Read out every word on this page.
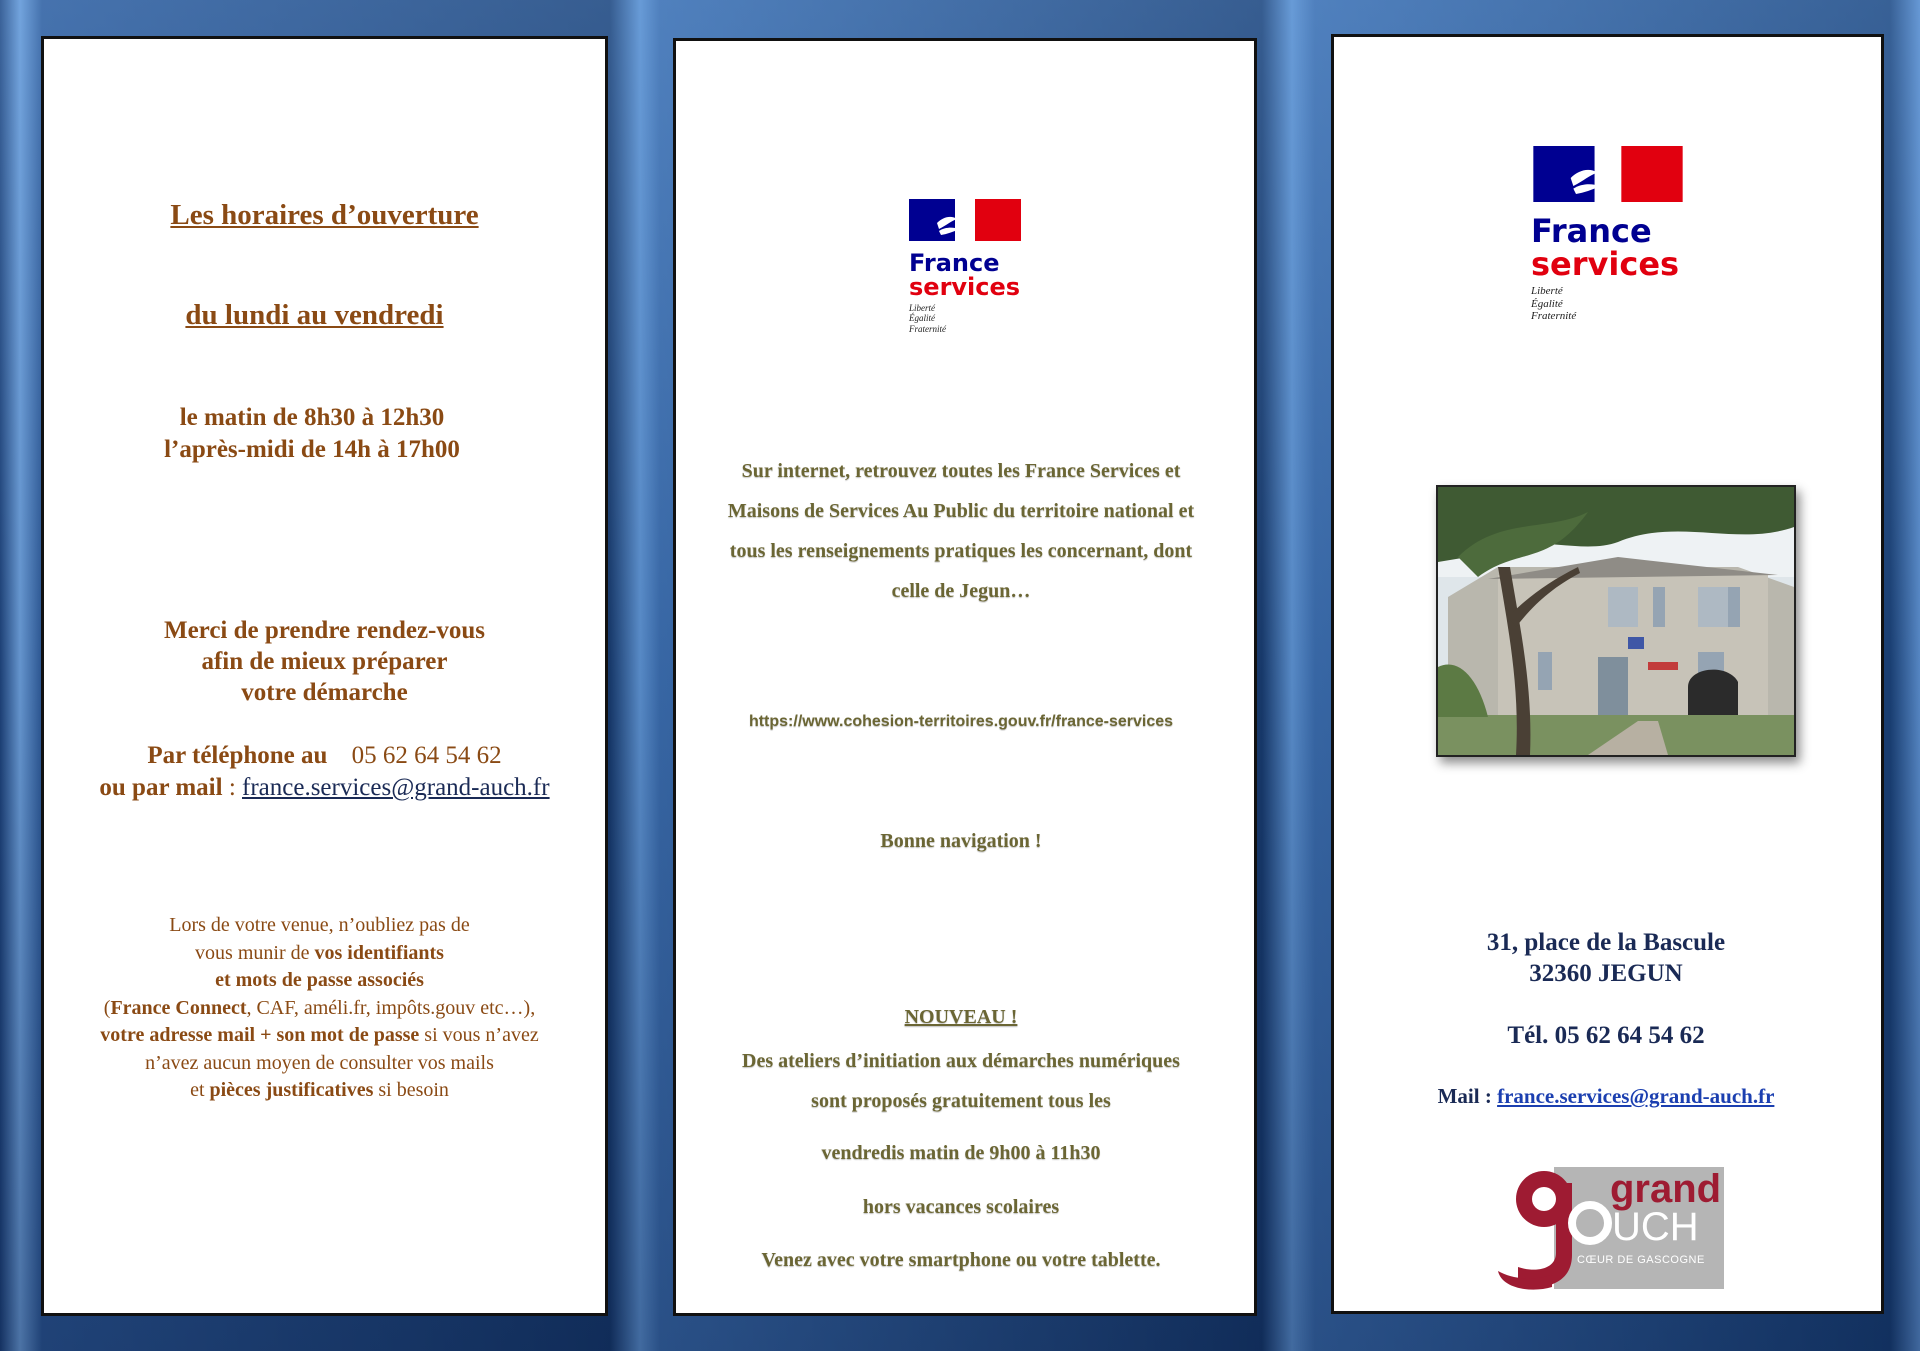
Les horaires d’ouverture
du lundi au vendredi
le matin de 8h30 à 12h30
l’après-midi de 14h à 17h00
Merci de prendre rendez-vous
afin de mieux préparer
votre démarche
Par téléphone au 05 62 64 54 62
ou par mail : france.services@grand-auch.fr
Lors de votre venue, n’oubliez pas de
vous munir de vos identifiants
et mots de passe associés
(France Connect, CAF, améli.fr, impôts.gouv etc…),
votre adresse mail + son mot de passe si vous n’avez
n’avez aucun moyen de consulter vos mails
et pièces justificatives si besoin
France
services
Liberté
Égalité
Fraternité
Sur internet, retrouvez toutes les France Services et
Maisons de Services Au Public du territoire national et
tous les renseignements pratiques les concernant, dont
celle de Jegun…
https://www.cohesion-territoires.gouv.fr/france-services
Bonne navigation !
NOUVEAU !
Des ateliers d’initiation aux démarches numériques
sont proposés gratuitement tous les
vendredis matin de 9h00 à 11h30
hors vacances scolaires
Venez avec votre smartphone ou votre tablette.
France
services
Liberté
Égalité
Fraternité
31, place de la Bascule
32360 JEGUN
Tél. 05 62 64 54 62
Mail : france.services@grand-auch.fr
grand
UCH
CŒUR DE GASCOGNE
